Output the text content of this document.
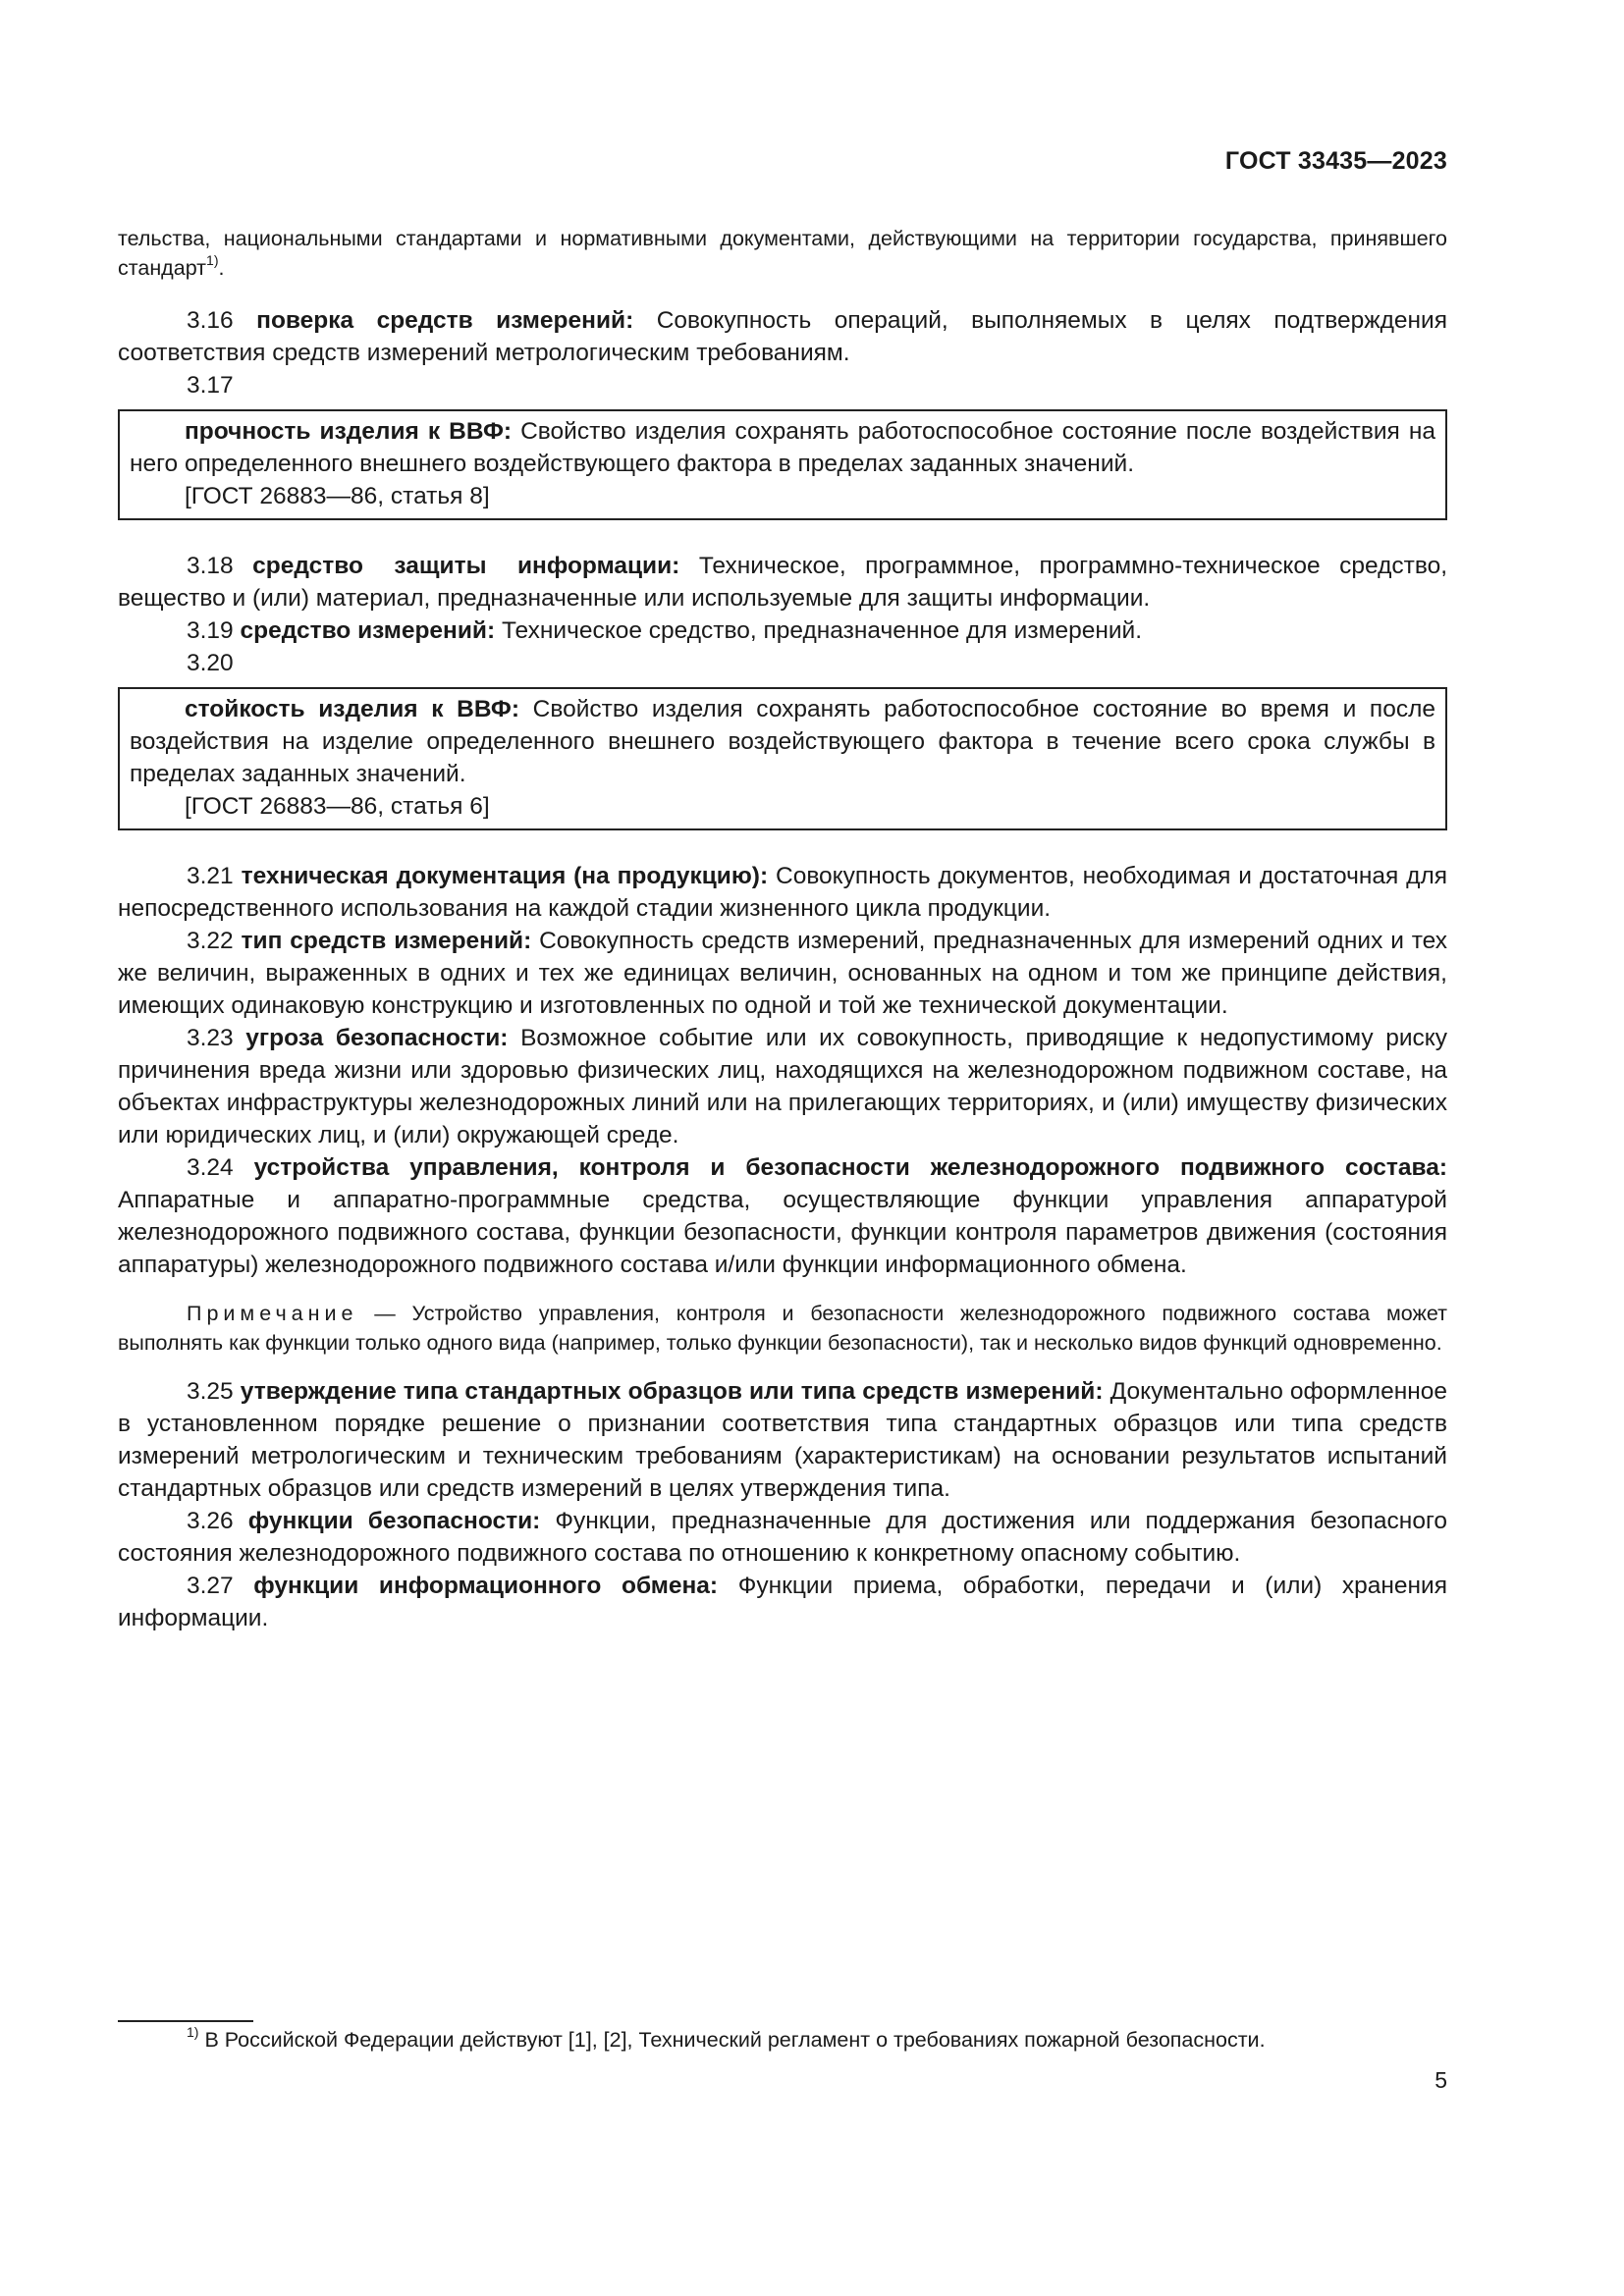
ГОСТ 33435—2023

тельства, национальными стандартами и нормативными документами, действующими на территории государства, принявшего стандарт$^{1)}$.

3.16 поверка средств измерений: Совокупность операций, выполняемых в целях подтверждения соответствия средств измерений метрологическим требованиям.

3.17

прочность изделия к ВВФ: Свойство изделия сохранять работоспособное состояние после воздействия на него определенного внешнего воздействующего фактора в пределах заданных значений.

[ГОСТ 26883—86, статья 8]

3.18 средство защиты информации: Техническое, программное, программно-техническое средство, вещество и (или) материал, предназначенные или используемые для защиты информации.

3.19 средство измерений: Техническое средство, предназначенное для измерений.

3.20

стойкость изделия к ВВФ: Свойство изделия сохранять работоспособное состояние во время и после воздействия на изделие определенного внешнего воздействующего фактора в течение всего срока службы в пределах заданных значений.

[ГОСТ 26883—86, статья 6]

3.21 техническая документация (на продукцию): Совокупность документов, необходимая и достаточная для непосредственного использования на каждой стадии жизненного цикла продукции.

3.22 тип средств измерений: Совокупность средств измерений, предназначенных для измерений одних и тех же величин, выраженных в одних и тех же единицах величин, основанных на одном и том же принципе действия, имеющих одинаковую конструкцию и изготовленных по одной и той же технической документации.

3.23 угроза безопасности: Возможное событие или их совокупность, приводящие к недопустимому риску причинения вреда жизни или здоровью физических лиц, находящихся на железнодорожном подвижном составе, на объектах инфраструктуры железнодорожных линий или на прилегающих территориях, и (или) имуществу физических или юридических лиц, и (или) окружающей среде.

3.24 устройства управления, контроля и безопасности железнодорожного подвижного состава: Аппаратные и аппаратно-программные средства, осуществляющие функции управления аппаратурой железнодорожного подвижного состава, функции безопасности, функции контроля параметров движения (состояния аппаратуры) железнодорожного подвижного состава и/или функции информационного обмена.

Примечание — Устройство управления, контроля и безопасности железнодорожного подвижного состава может выполнять как функции только одного вида (например, только функции безопасности), так и несколько видов функций одновременно.

3.25 утверждение типа стандартных образцов или типа средств измерений: Документально оформленное в установленном порядке решение о признании соответствия типа стандартных образцов или типа средств измерений метрологическим и техническим требованиям (характеристикам) на основании результатов испытаний стандартных образцов или средств измерений в целях утверждения типа.

3.26 функции безопасности: Функции, предназначенные для достижения или поддержания безопасного состояния железнодорожного подвижного состава по отношению к конкретному опасному событию.

3.27 функции информационного обмена: Функции приема, обработки, передачи и (или) хранения информации.

$^{1)}$ В Российской Федерации действуют [1], [2], Технический регламент о требованиях пожарной безопасности.
5
